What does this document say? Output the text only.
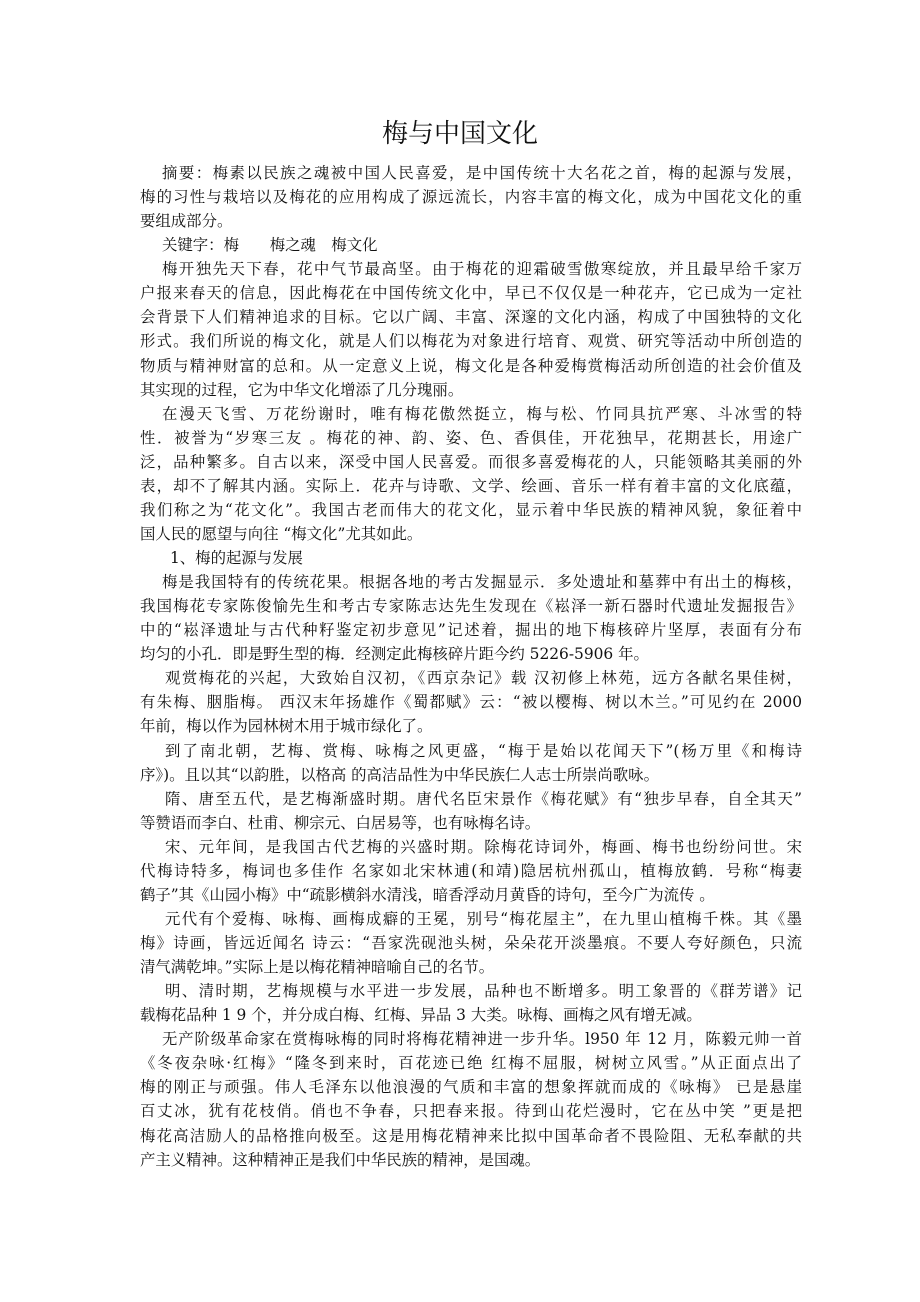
梅与中国文化
摘要：梅素以民族之魂被中国人民喜爱，是中国传统十大名花之首，梅的起源与发展，
梅的习性与栽培以及梅花的应用构成了源远流长，内容丰富的梅文化，成为中国花文化的重
要组成部分。
关键字：梅　　梅之魂　梅文化
梅开独先天下春，花中气节最高坚。由于梅花的迎霜破雪傲寒绽放，并且最早给千家万
户报来春天的信息，因此梅花在中国传统文化中，早已不仅仅是一种花卉，它已成为一定社
会背景下人们精神追求的目标。它以广阔、丰富、深邃的文化内涵，构成了中国独特的文化
形式。我们所说的梅文化，就是人们以梅花为对象进行培育、观赏、研究等活动中所创造的
物质与精神财富的总和。从一定意义上说，梅文化是各种爱梅赏梅活动所创造的社会价值及
其实现的过程，它为中华文化增添了几分瑰丽。
在漫天飞雪、万花纷谢时，唯有梅花傲然挺立，梅与松、竹同具抗严寒、斗冰雪的特
性．被誉为“岁寒三友 。梅花的神、韵、姿、色、香俱佳，开花独早，花期甚长，用途广
泛，品种繁多。自古以来，深受中国人民喜爱。而很多喜爱梅花的人，只能领略其美丽的外
表，却不了解其内涵。实际上．花卉与诗歌、文学、绘画、音乐一样有着丰富的文化底蕴，
我们称之为“花文化”。我国古老而伟大的花文化，显示着中华民族的精神风貌，象征着中
国人民的愿望与向往 “梅文化”尤其如此。
1、梅的起源与发展
梅是我国特有的传统花果。根据各地的考古发掘显示．多处遗址和墓葬中有出土的梅核，
我国梅花专家陈俊愉先生和考古专家陈志达先生发现在《崧泽一新石器时代遗址发掘报告》
中的“崧泽遗址与古代种籽鉴定初步意见”记述着，掘出的地下梅核碎片坚厚，表面有分布
均匀的小孔．即是野生型的梅．经测定此梅核碎片距今约 5226-5906 年。
观赏梅花的兴起，大致始自汉初，《西京杂记》载 汉初修上林苑，远方各献名果佳树，
有朱梅、胭脂梅。 西汉末年扬雄作《蜀都赋》云：“被以樱梅、树以木兰。”可见约在 2000
年前，梅以作为园林树木用于城市绿化了。
到了南北朝，艺梅、赏梅、咏梅之风更盛，“梅于是始以花闻天下”(杨万里《和梅诗
序》)。且以其“以韵胜，以格高 的高洁品性为中华民族仁人志士所崇尚歌咏。
隋、唐至五代，是艺梅渐盛时期。唐代名臣宋景作《梅花赋》有“独步早春，自全其天”
等赞语而李白、杜甫、柳宗元、白居易等，也有咏梅名诗。
宋、元年间，是我国古代艺梅的兴盛时期。除梅花诗词外，梅画、梅书也纷纷问世。宋
代梅诗特多，梅词也多佳作 名家如北宋林逋(和靖)隐居杭州孤山，植梅放鹤．号称“梅妻
鹤子”其《山园小梅》中“疏影横斜水清浅，暗香浮动月黄昏的诗句，至今广为流传 。
元代有个爱梅、咏梅、画梅成癖的王冕，别号“梅花屋主”，在九里山植梅千株。其《墨
梅》诗画，皆远近闻名 诗云：“吾家洗砚池头树，朵朵花开淡墨痕。不要人夸好颜色，只流
清气满乾坤。”实际上是以梅花精神暗喻自己的名节。
明、清时期，艺梅规模与水平进一步发展，品种也不断增多。明工象晋的《群芳谱》记
载梅花品种 1 9 个，并分成白梅、红梅、异品 3 大类。咏梅、画梅之风有增无减。
无产阶级革命家在赏梅咏梅的同时将梅花精神进一步升华。l950 年 12 月，陈毅元帅一首
《冬夜杂咏·红梅》“隆冬到来时，百花迹已绝 红梅不屈服，树树立风雪。”从正面点出了
梅的刚正与顽强。伟人毛泽东以他浪漫的气质和丰富的想象挥就而成的《咏梅》 已是悬崖
百丈冰，犹有花枝俏。俏也不争春，只把春来报。待到山花烂漫时，它在丛中笑 ”更是把
梅花高洁励人的品格推向极至。这是用梅花精神来比拟中国革命者不畏险阻、无私奉献的共
产主义精神。这种精神正是我们中华民族的精神，是国魂。
